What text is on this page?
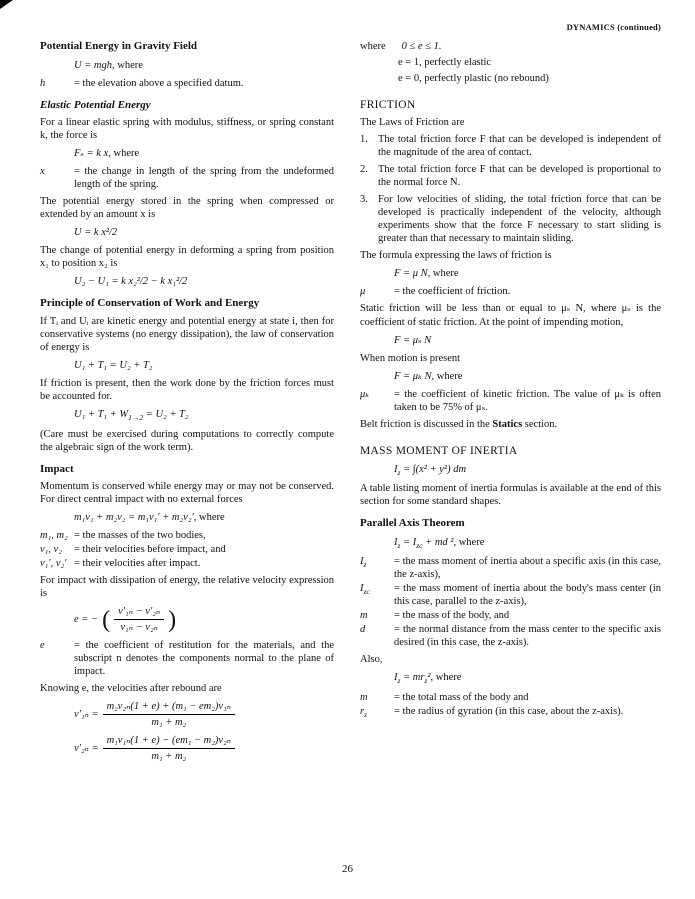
DYNAMICS (continued)
Potential Energy in Gravity Field
U = mgh, where
h	= the elevation above a specified datum.
Elastic Potential Energy

For a linear elastic spring with modulus, stiffness, or spring constant k, the force is

Fₛ = k x, where
x	= the change in length of the spring from the undeformed length of the spring.

The potential energy stored in the spring when compressed or extended by an amount x is

U = k x²/2

The change of potential energy in deforming a spring from position x₁ to position x₂ is

U₂ − U₁ = k x₂²/2 − k x₁²/2
Principle of Conservation of Work and Energy

If Tᵢ and Uᵢ are kinetic energy and potential energy at state i, then for conservative systems (no energy dissipation), the law of conservation of energy is

U₁ + T₁ = U₂ + T₂

If friction is present, then the work done by the friction forces must be accounted for.

$U_1 + T_1 + W_{1\to 2} = U_2 + T_2$

(Care must be exercised during computations to correctly compute the algebraic sign of the work term).

Impact

Momentum is conserved while energy may or may not be conserved. For direct central impact with no external forces

m₁v₁ + m₂v₂ = m₁v₁′ + m₂v₂′, where
m₁, m₂ = the masses of the two bodies,
v₁, v₂	= their velocities before impact, and
v₁′, v₂′ = their velocities after impact.

For impact with dissipation of energy, the relative velocity expression is

e = − ( $\frac{\text{v′₁ₙ − v′₂ₙ}}{\text{v₁ₙ − v₂ₙ}}$ )
e	= the coefficient of restitution for the materials, and the subscript n denotes the components normal to the plane of impact.

Knowing e, the velocities after rebound are

$v'_{1n} = \frac{\text{m₂v₂ₙ(1 + e) + (m₁ − em₂)v₁ₙ}}{\text{m₁ + m₂}}$
$v'_{2n} = \frac{\text{m₁v₁ₙ(1 + e) − (em₁ − m₂)v₂ₙ}}{\text{m₁ + m₂}}$
where 0 ≤ e ≤ 1.
e = 1, perfectly elastic
e = 0, perfectly plastic (no rebound)
FRICTION

The Laws of Friction are

1. The total friction force F that can be developed is independent of the magnitude of the area of contact.
2. The total friction force F that can be developed is proportional to the normal force N.
3. For low velocities of sliding, the total friction force that can be developed is practically independent of the velocity, although experiments show that the force F necessary to start sliding is greater than that necessary to maintain sliding.

The formula expressing the laws of friction is

F = μ N, where
μ	= the coefficient of friction.

Static friction will be less than or equal to μₛ N, where μₛ is the coefficient of static friction. At the point of impending motion,

F = μₛ N

When motion is present

F = μₖ N, where
μₖ	= the coefficient of kinetic friction. The value of μₖ is often taken to be 75% of μₛ.

Belt friction is discussed in the Statics section.

MASS MOMENT OF INERTIA
$I_z = \int(x^2 + y^2)$ dm

A table listing moment of inertia formulas is available at the end of this section for some standard shapes.

Parallel Axis Theorem
$I_z = I_{zc}$ + md ², where
$I_z$	= the mass moment of inertia about a specific axis (in this case, the z-axis),
$I_{zc}$	= the mass moment of inertia about the body's mass center (in this case, parallel to the z-axis),
m	= the mass of the body, and
d	= the normal distance from the mass center to the specific axis desired (in this case, the z-axis).

Also,

$I_z = mr_z^2$, where
m	= the total mass of the body and
$r_z$	= the radius of gyration (in this case, about the z-axis).
26
